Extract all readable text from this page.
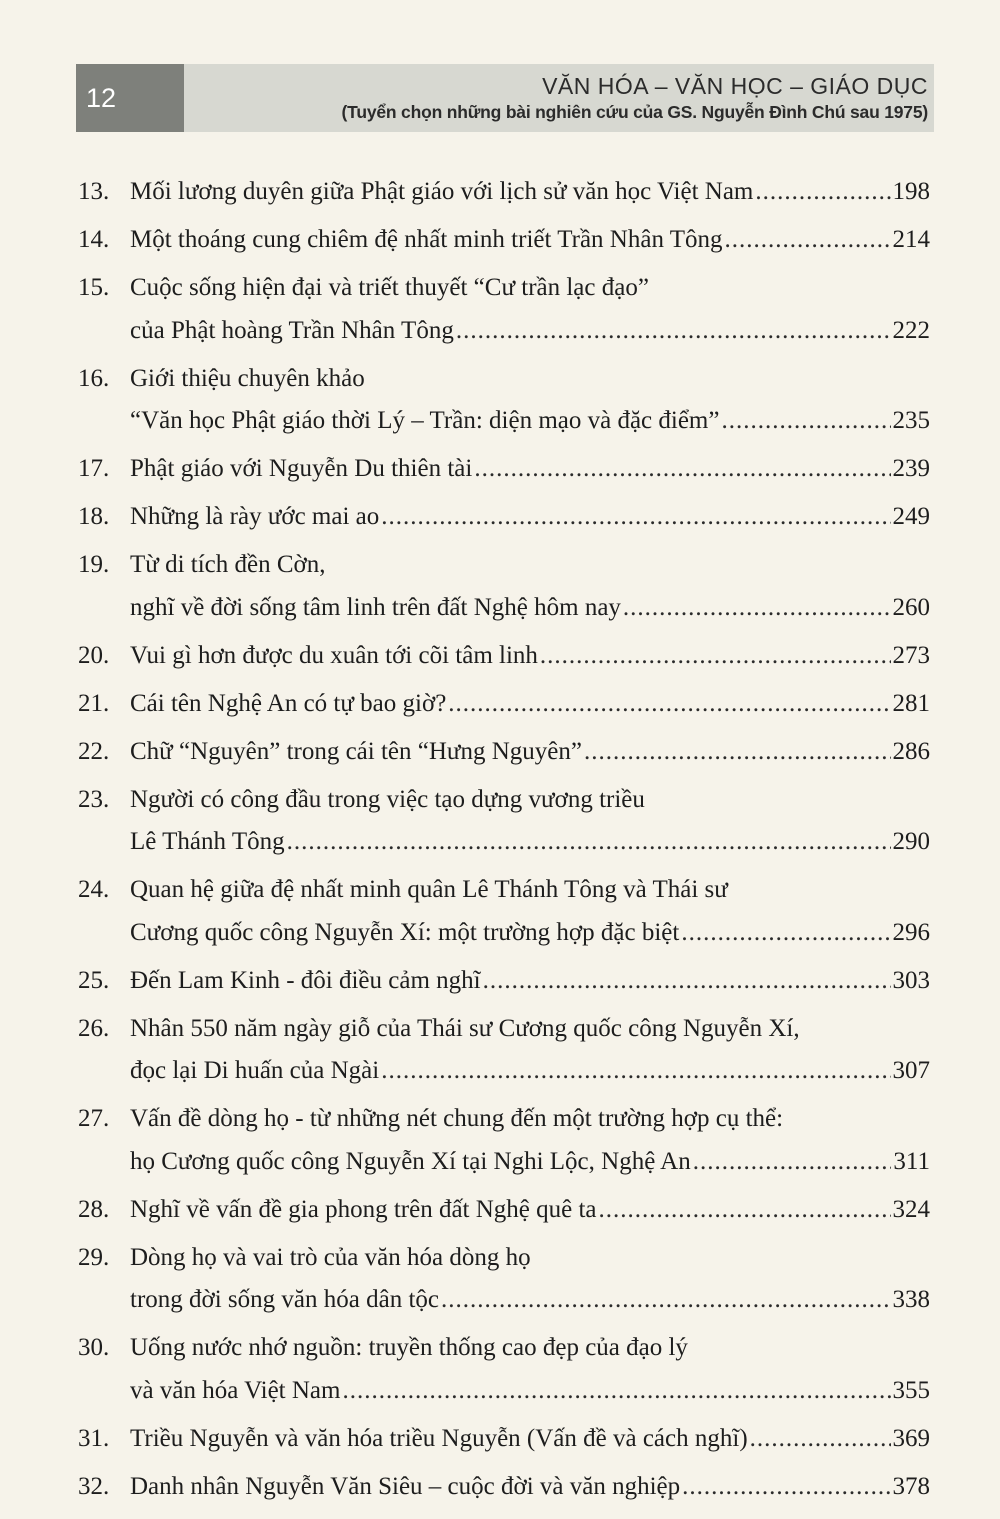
12	VĂN HÓA – VĂN HỌC – GIÁO DỤC
(Tuyển chọn những bài nghiên cứu của GS. Nguyễn Đình Chú sau 1975)
13. Mối lương duyên giữa Phật giáo với lịch sử văn học Việt Nam .....	198
14. Một thoáng cung chiêm đệ nhất minh triết Trần Nhân Tông .....	214
15. Cuộc sống hiện đại và triết thuyết “Cư trần lạc đạo”
của Phật hoàng Trần Nhân Tông .....	222
16. Giới thiệu chuyên khảo
“Văn học Phật giáo thời Lý – Trần: diện mạo và đặc điểm” .....	235
17. Phật giáo với Nguyễn Du thiên tài .....	239
18. Những là rày ước mai ao .....	249
19. Từ di tích đền Cờn,
nghĩ về đời sống tâm linh trên đất Nghệ hôm nay .....	260
20. Vui gì hơn được du xuân tới cõi tâm linh .....	273
21. Cái tên Nghệ An có tự bao giờ? .....	281
22. Chữ “Nguyên” trong cái tên “Hưng Nguyên” .....	286
23. Người có công đầu trong việc tạo dựng vương triều
Lê Thánh Tông .....	290
24. Quan hệ giữa đệ nhất minh quân Lê Thánh Tông và Thái sư
Cương quốc công Nguyễn Xí: một trường hợp đặc biệt .....	296
25. Đến Lam Kinh - đôi điều cảm nghĩ .....	303
26. Nhân 550 năm ngày giỗ của Thái sư Cương quốc công Nguyễn Xí,
đọc lại Di huấn của Ngài .....	307
27. Vấn đề dòng họ - từ những nét chung đến một trường hợp cụ thể:
họ Cương quốc công Nguyễn Xí tại Nghi Lộc, Nghệ An .....	311
28. Nghĩ về vấn đề gia phong trên đất Nghệ quê ta .....	324
29. Dòng họ và vai trò của văn hóa dòng họ
trong đời sống văn hóa dân tộc .....	338
30. Uống nước nhớ nguồn: truyền thống cao đẹp của đạo lý
và văn hóa Việt Nam .....	355
31. Triều Nguyễn và văn hóa triều Nguyễn (Vấn đề và cách nghĩ) .....	369
32. Danh nhân Nguyễn Văn Siêu – cuộc đời và văn nghiệp .....	378
